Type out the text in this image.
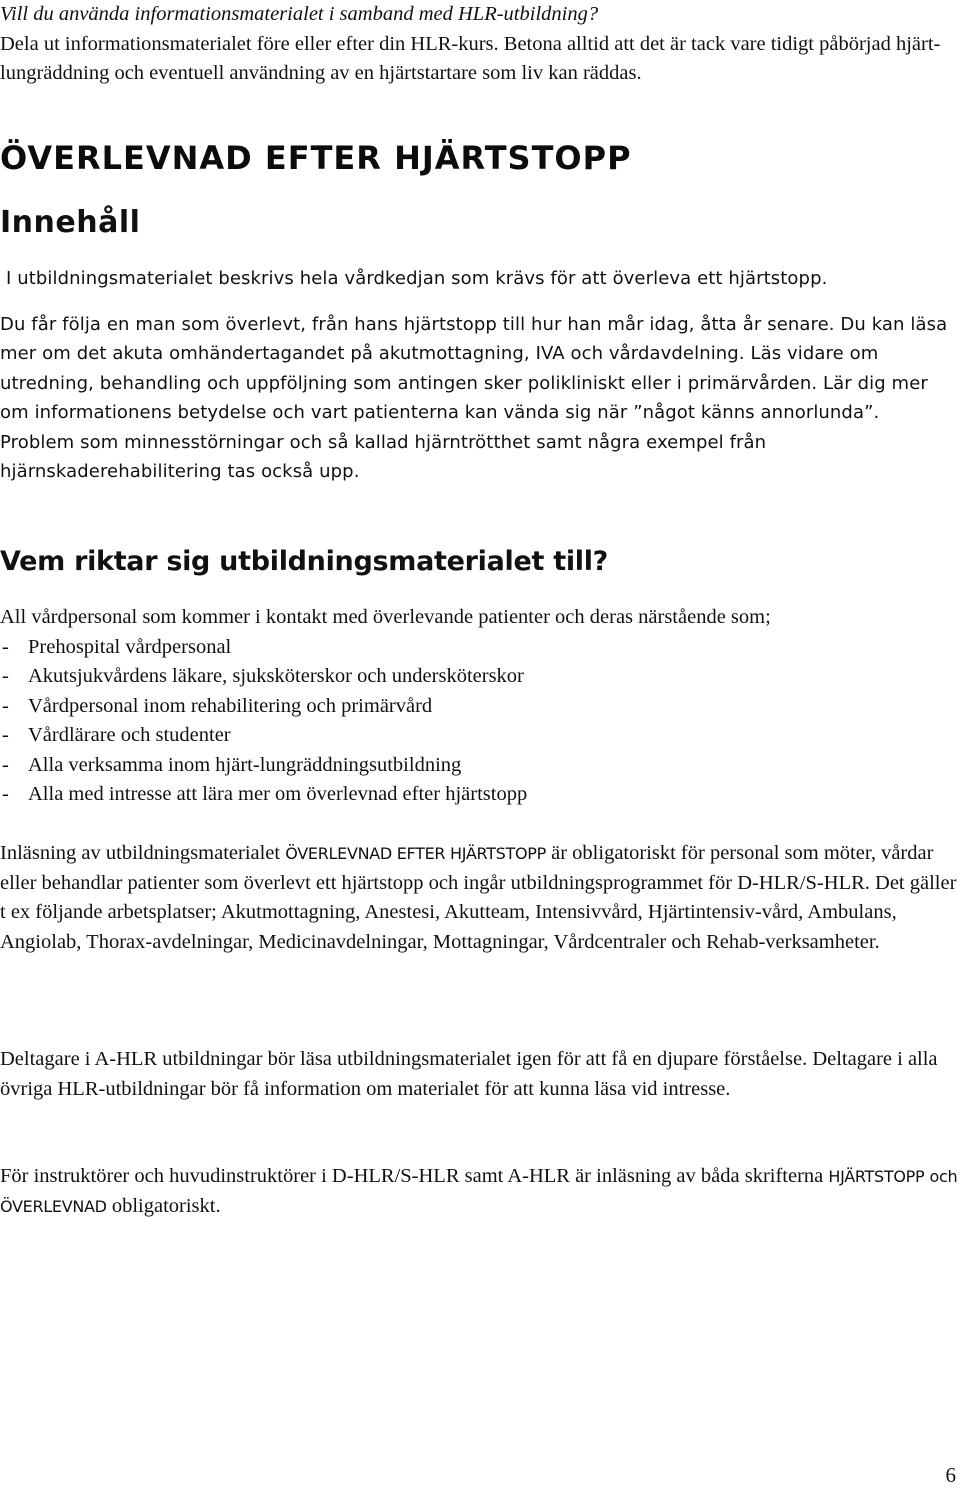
Vill du använda informationsmaterialet i samband med HLR-utbildning?

Dela ut informationsmaterialet före eller efter din HLR-kurs. Betona alltid att det är tack vare tidigt påbörjad hjärt-lungräddning och eventuell användning av en hjärtstartare som liv kan räddas.

ÖVERLEVNAD EFTER HJÄRTSTOPP
Innehåll

I utbildningsmaterialet beskrivs hela vårdkedjan som krävs för att överleva ett hjärtstopp.

Du får följa en man som överlevt, från hans hjärtstopp till hur han mår idag, åtta år senare. Du kan läsa mer om det akuta omhändertagandet på akutmottagning, IVA och vårdavdelning. Läs vidare om utredning, behandling och uppföljning som antingen sker polikliniskt eller i primärvården. Lär dig mer om informationens betydelse och vart patienterna kan vända sig när ”något känns annorlunda”. Problem som minnesstörningar och så kallad hjärntrötthet samt några exempel från hjärnskaderehabilitering tas också upp.

Vem riktar sig utbildningsmaterialet till?

All vårdpersonal som kommer i kontakt med överlevande patienter och deras närstående som;

- Prehospital vårdpersonal
- Akutsjukvårdens läkare, sjuksköterskor och undersköterskor
- Vårdpersonal inom rehabilitering och primärvård
- Vårdlärare och studenter
- Alla verksamma inom hjärt-lungräddningsutbildning
- Alla med intresse att lära mer om överlevnad efter hjärtstopp

Inläsning av utbildningsmaterialet ÖVERLEVNAD EFTER HJÄRTSTOPP är obligatoriskt för personal som möter, vårdar eller behandlar patienter som överlevt ett hjärtstopp och ingår utbildningsprogrammet för D-HLR/S-HLR. Det gäller t ex följande arbetsplatser; Akutmottagning, Anestesi, Akutteam, Intensivvård, Hjärtintensiv-vård, Ambulans, Angiolab, Thorax-avdelningar, Medicinavdelningar, Mottagningar, Vårdcentraler och Rehab-verksamheter.

Deltagare i A-HLR utbildningar bör läsa utbildningsmaterialet igen för att få en djupare förståelse. Deltagare i alla övriga HLR-utbildningar bör få information om materialet för att kunna läsa vid intresse.

För instruktörer och huvudinstruktörer i D-HLR/S-HLR samt A-HLR är inläsning av båda skrifterna HJÄRTSTOPP och ÖVERLEVNAD obligatoriskt.

6
